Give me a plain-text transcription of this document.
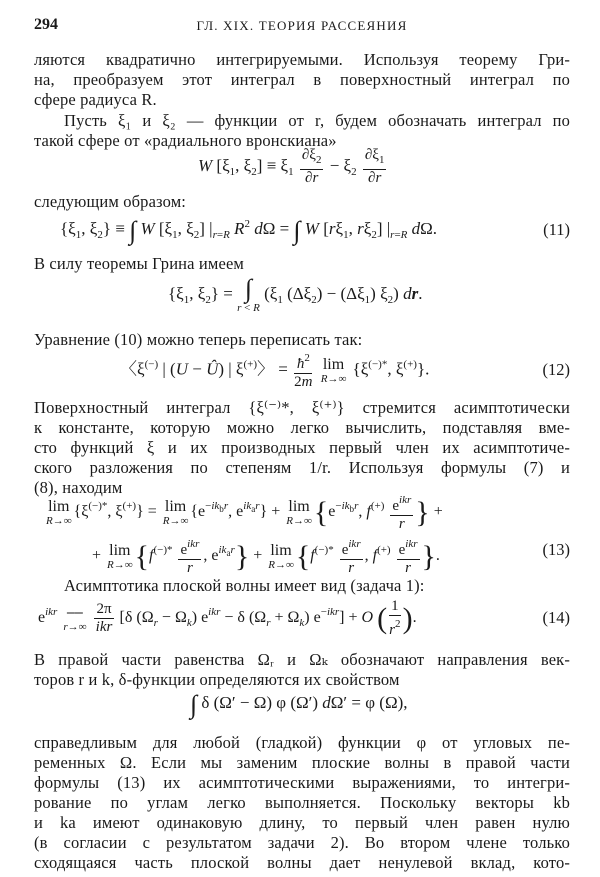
294	ГЛ. XIX. ТЕОРИЯ РАССЕЯНИЯ
ляются квадратично интегрируемыми. Используя теорему Гри-
на, преобразуем этот интеграл в поверхностный интеграл по
сфере радиуса R.
Пусть ξ₁ и ξ₂ — функции от r, будем обозначать интеграл по
такой сфере от «радиального вронскиана»
W [$\xi_1$, $\xi_2] \equiv \xi_1 \frac{\partial\xi_2}{\partial r} - \xi_2 \frac{\partial\xi_1}{\partial r}$
следующим образом:
{$\xi_1$, $\xi_2$} ≡ ∫ W [$\xi_1$, $\xi_2$] $|_{r=R}$ $R^2$ dΩ = ∫ W [$r\xi_1$, $r\xi_2$] $|_{r=R}$ dΩ.	(11)
В силу теоремы Грина имеем
{$\xi_1$, $\xi_2$} = ∫
r < R
($\xi_1$ $(\Delta\xi_2) - (\Delta\xi_1)$ $\xi_2$) dr.
Уравнение (10) можно теперь переписать так:
〈ξ(−) | (U − Û) | ξ(+)〉 = $\frac{ħ^2}{2m}$
lim
R→∞
{ξ(−)*, ξ(+)}.	(12)
Поверхностный интеграл {ξ⁽⁻⁾*, ξ⁽⁺⁾} стремится асимптотически
к константе, которую можно легко вычислить, подставляя вме-
сто функций ξ и их производных первый член их асимптотиче-
ского разложения по степеням 1/r. Используя формулы (7) и
(8), находим
lim
R→∞
{ξ(−)*, ξ(+)} = lim
R→∞
{$e^{-ik_br}$, $e^{ik_ar}\} + \lim$
R→∞ {$e^{-ik_br}$, $f^{(+)} \frac{e^{ikr}}{r}$ } +
+ lim
R→∞ {$f^{(-)*} \frac{e^{ikr}}{r}$ , $e^{ik_ar}\} + \lim$
R→∞ {$f^{(-)*} \frac{e^{ikr}}{r}$ , $f^{(+)} \frac{e^{ikr}}{r}$ }.	(13)
Асимптотика плоской волны имеет вид (задача 1):
$e^{ikr}$ ⎯⎯
r→∞
$\frac{2\pi}{\text{ikr}} [\delta$ $(\Omega_r - \Omega_k) e^{ikr} - \delta$ $(\Omega_r + \Omega_k) e^{-ikr}] + O$ ( $\frac{1}{r^2}$ ).	(14)
В правой части равенства Ωᵣ и Ωₖ обозначают направления век-
торов r и k, δ-функции определяются их свойством
∫ δ (Ω′ − Ω) φ (Ω′) dΩ′ = φ (Ω),
справедливым для любой (гладкой) функции φ от угловых пе-
ременных Ω. Если мы заменим плоские волны в правой части
формулы (13) их асимптотическими выражениями, то интегри-
рование по углам легко выполняется. Поскольку векторы kb
и ka имеют одинаковую длину, то первый член равен нулю
(в согласии с результатом задачи 2). Во втором члене только
сходящаяся часть плоской волны дает ненулевой вклад, кото-
